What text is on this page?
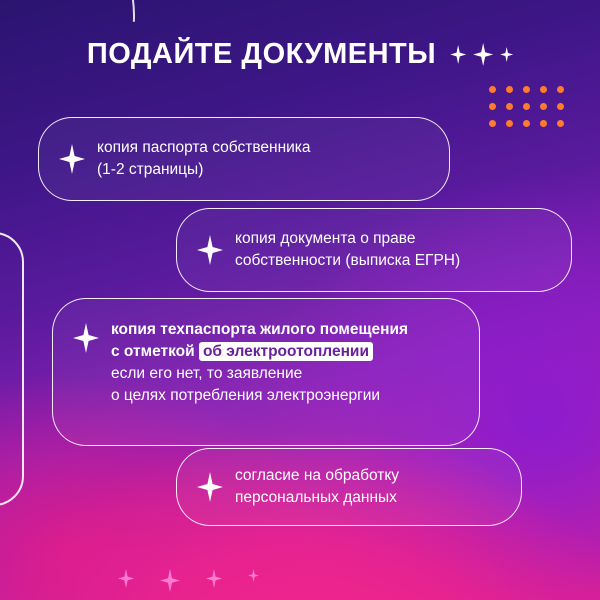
ПОДАЙТЕ ДОКУМЕНТЫ
копия паспорта собственника
(1-2 страницы)
копия документа о праве
собственности (выписка ЕГРН)
копия техпаспорта жилого помещения
с отметкой об электроотоплении
если его нет, то заявление
о целях потребления электроэнергии
согласие на обработку
персональных данных
